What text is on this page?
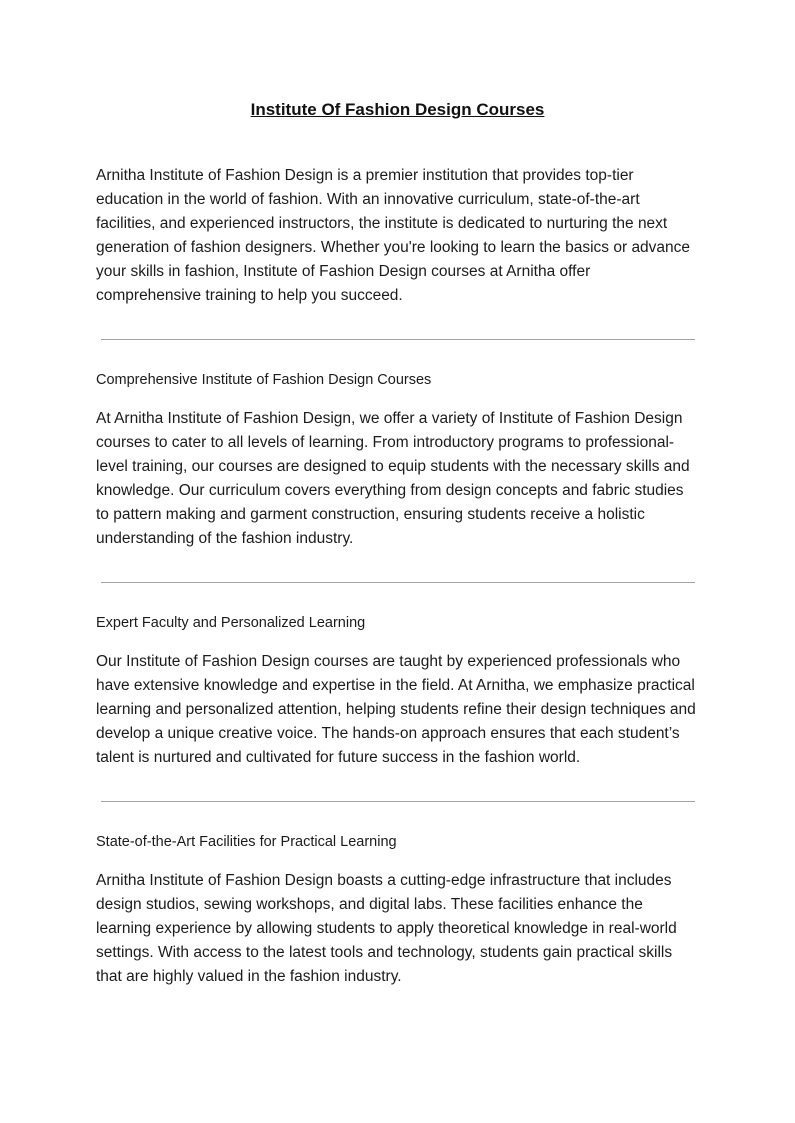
Institute Of Fashion Design Courses

Arnitha Institute of Fashion Design is a premier institution that provides top-tier education in the world of fashion. With an innovative curriculum, state-of-the-art facilities, and experienced instructors, the institute is dedicated to nurturing the next generation of fashion designers. Whether you're looking to learn the basics or advance your skills in fashion, Institute of Fashion Design courses at Arnitha offer comprehensive training to help you succeed.

Comprehensive Institute of Fashion Design Courses

At Arnitha Institute of Fashion Design, we offer a variety of Institute of Fashion Design courses to cater to all levels of learning. From introductory programs to professional-level training, our courses are designed to equip students with the necessary skills and knowledge. Our curriculum covers everything from design concepts and fabric studies to pattern making and garment construction, ensuring students receive a holistic understanding of the fashion industry.

Expert Faculty and Personalized Learning

Our Institute of Fashion Design courses are taught by experienced professionals who have extensive knowledge and expertise in the field. At Arnitha, we emphasize practical learning and personalized attention, helping students refine their design techniques and develop a unique creative voice. The hands-on approach ensures that each student’s talent is nurtured and cultivated for future success in the fashion world.

State-of-the-Art Facilities for Practical Learning

Arnitha Institute of Fashion Design boasts a cutting-edge infrastructure that includes design studios, sewing workshops, and digital labs. These facilities enhance the learning experience by allowing students to apply theoretical knowledge in real-world settings. With access to the latest tools and technology, students gain practical skills that are highly valued in the fashion industry.
